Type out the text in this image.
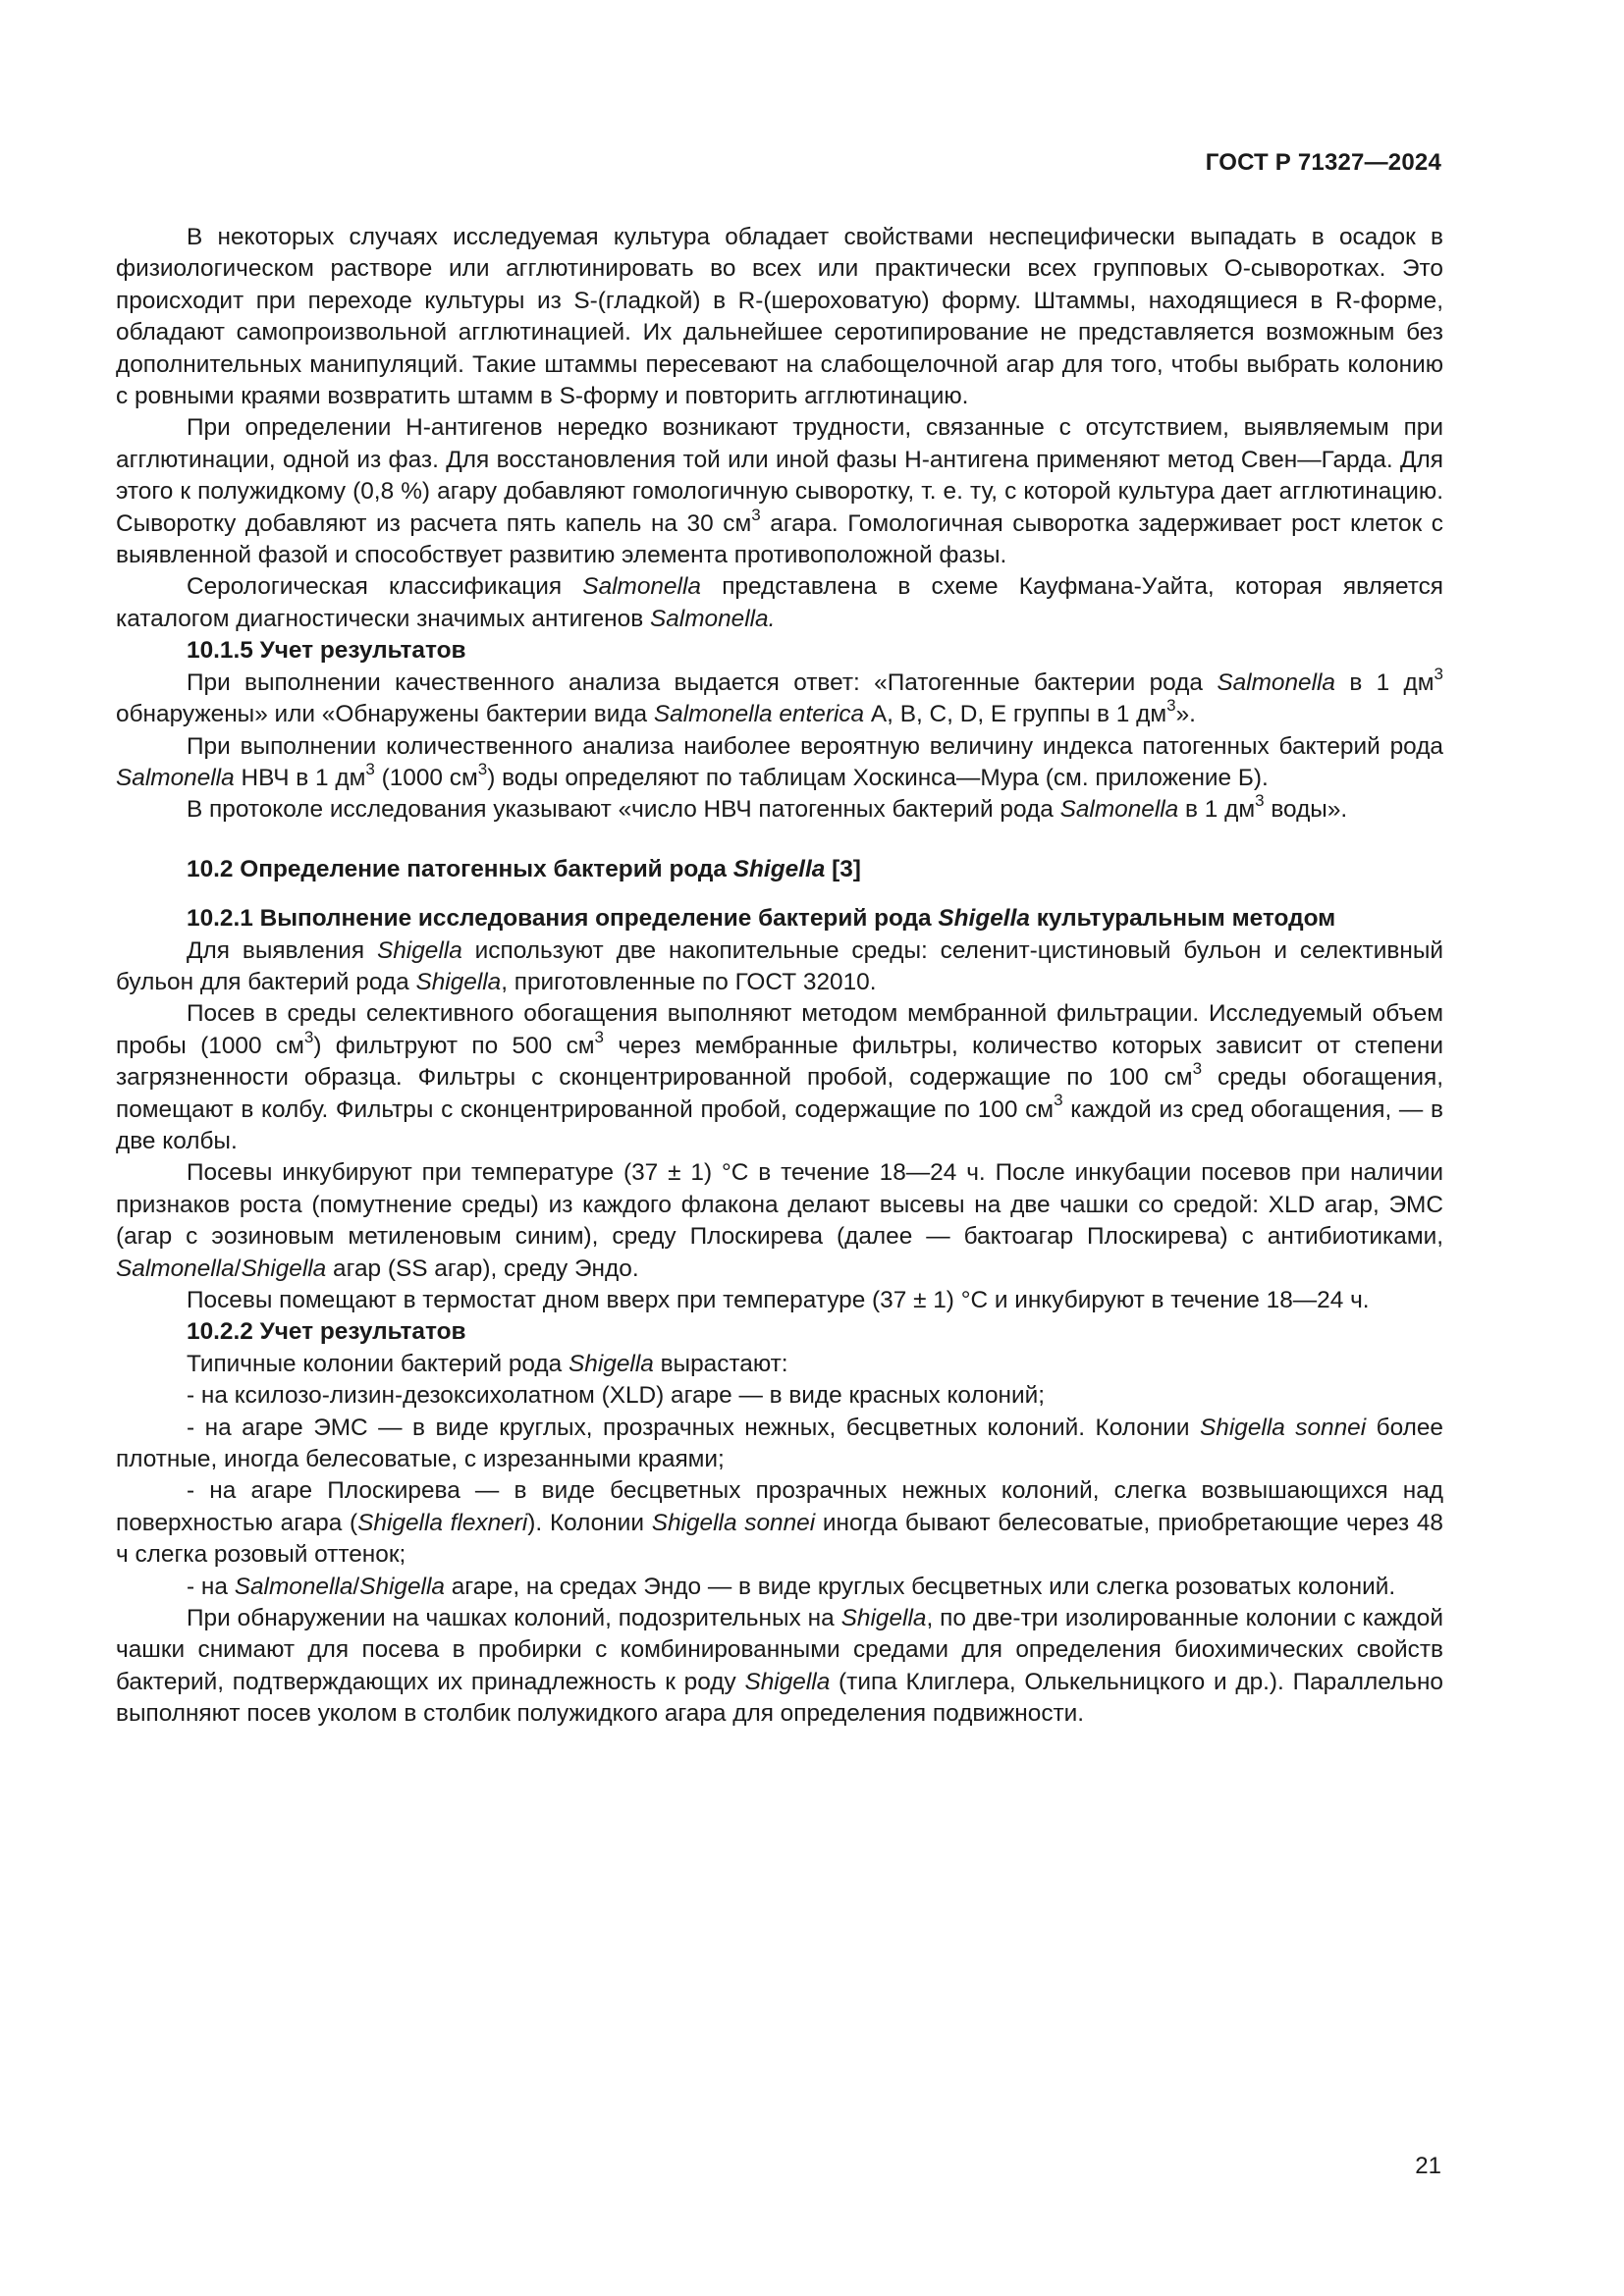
ГОСТ Р 71327—2024

В некоторых случаях исследуемая культура обладает свойствами неспецифически выпадать в осадок в физиологическом растворе или агглютинировать во всех или практически всех групповых О-сыворотках. Это происходит при переходе культуры из S-(гладкой) в R-(шероховатую) форму. Штаммы, находящиеся в R-форме, обладают самопроизвольной агглютинацией. Их дальнейшее серотипирование не представляется возможным без дополнительных манипуляций. Такие штаммы пересевают на слабощелочной агар для того, чтобы выбрать колонию с ровными краями возвратить штамм в S-форму и повторить агглютинацию.

При определении Н-антигенов нередко возникают трудности, связанные с отсутствием, выявляемым при агглютинации, одной из фаз. Для восстановления той или иной фазы Н-антигена применяют метод Свен—Гарда. Для этого к полужидкому (0,8 %) агару добавляют гомологичную сыворотку, т. е. ту, с которой культура дает агглютинацию. Сыворотку добавляют из расчета пять капель на 30 $см^3$ агара. Гомологичная сыворотка задерживает рост клеток с выявленной фазой и способствует развитию элемента противоположной фазы.

Серологическая классификация Salmonella представлена в схеме Кауфмана-Уайта, которая является каталогом диагностически значимых антигенов Salmonella.

10.1.5 Учет результатов

При выполнении качественного анализа выдается ответ: «Патогенные бактерии рода Salmonella в 1 $дм^3$ обнаружены» или «Обнаружены бактерии вида Salmonella enterica А, В, С, D, Е группы в 1 $дм^3$».

При выполнении количественного анализа наиболее вероятную величину индекса патогенных бактерий рода Salmonella НВЧ в 1 $дм^3$ (1000 $см^3$) воды определяют по таблицам Хоскинса—Мура (см. приложение Б).

В протоколе исследования указывают «число НВЧ патогенных бактерий рода Salmonella в 1 $дм^3$ воды».

10.2 Определение патогенных бактерий рода Shigella [3]

10.2.1 Выполнение исследования определение бактерий рода Shigella культуральным методом

Для выявления Shigella используют две накопительные среды: селенит-цистиновый бульон и селективный бульон для бактерий рода Shigella, приготовленные по ГОСТ 32010.

Посев в среды селективного обогащения выполняют методом мембранной фильтрации. Исследуемый объем пробы (1000 $см^3$) фильтруют по 500 $см^3$ через мембранные фильтры, количество которых зависит от степени загрязненности образца. Фильтры с сконцентрированной пробой, содержащие по 100 $см^3$ среды обогащения, помещают в колбу. Фильтры с сконцентрированной пробой, содержащие по 100 $см^3$ каждой из сред обогащения, — в две колбы.

Посевы инкубируют при температуре (37 ± 1) °С в течение 18—24 ч. После инкубации посевов при наличии признаков роста (помутнение среды) из каждого флакона делают высевы на две чашки со средой: XLD агар, ЭМС (агар с эозиновым метиленовым синим), среду Плоскирева (далее — бактоагар Плоскирева) с антибиотиками, Salmonella/Shigella агар (SS агар), среду Эндо.

Посевы помещают в термостат дном вверх при температуре (37 ± 1) °С и инкубируют в течение 18—24 ч.

10.2.2 Учет результатов

Типичные колонии бактерий рода Shigella вырастают:

- на ксилозо-лизин-дезоксихолатном (XLD) агаре — в виде красных колоний;

- на агаре ЭМС — в виде круглых, прозрачных нежных, бесцветных колоний. Колонии Shigella sonnei более плотные, иногда белесоватые, с изрезанными краями;

- на агаре Плоскирева — в виде бесцветных прозрачных нежных колоний, слегка возвышающихся над поверхностью агара (Shigella flexneri). Колонии Shigella sonnei иногда бывают белесоватые, приобретающие через 48 ч слегка розовый оттенок;

- на Salmonella/Shigella агаре, на средах Эндо — в виде круглых бесцветных или слегка розоватых колоний.

При обнаружении на чашках колоний, подозрительных на Shigella, по две-три изолированные колонии с каждой чашки снимают для посева в пробирки с комбинированными средами для определения биохимических свойств бактерий, подтверждающих их принадлежность к роду Shigella (типа Клиглера, Олькельницкого и др.). Параллельно выполняют посев уколом в столбик полужидкого агара для определения подвижности.

21
